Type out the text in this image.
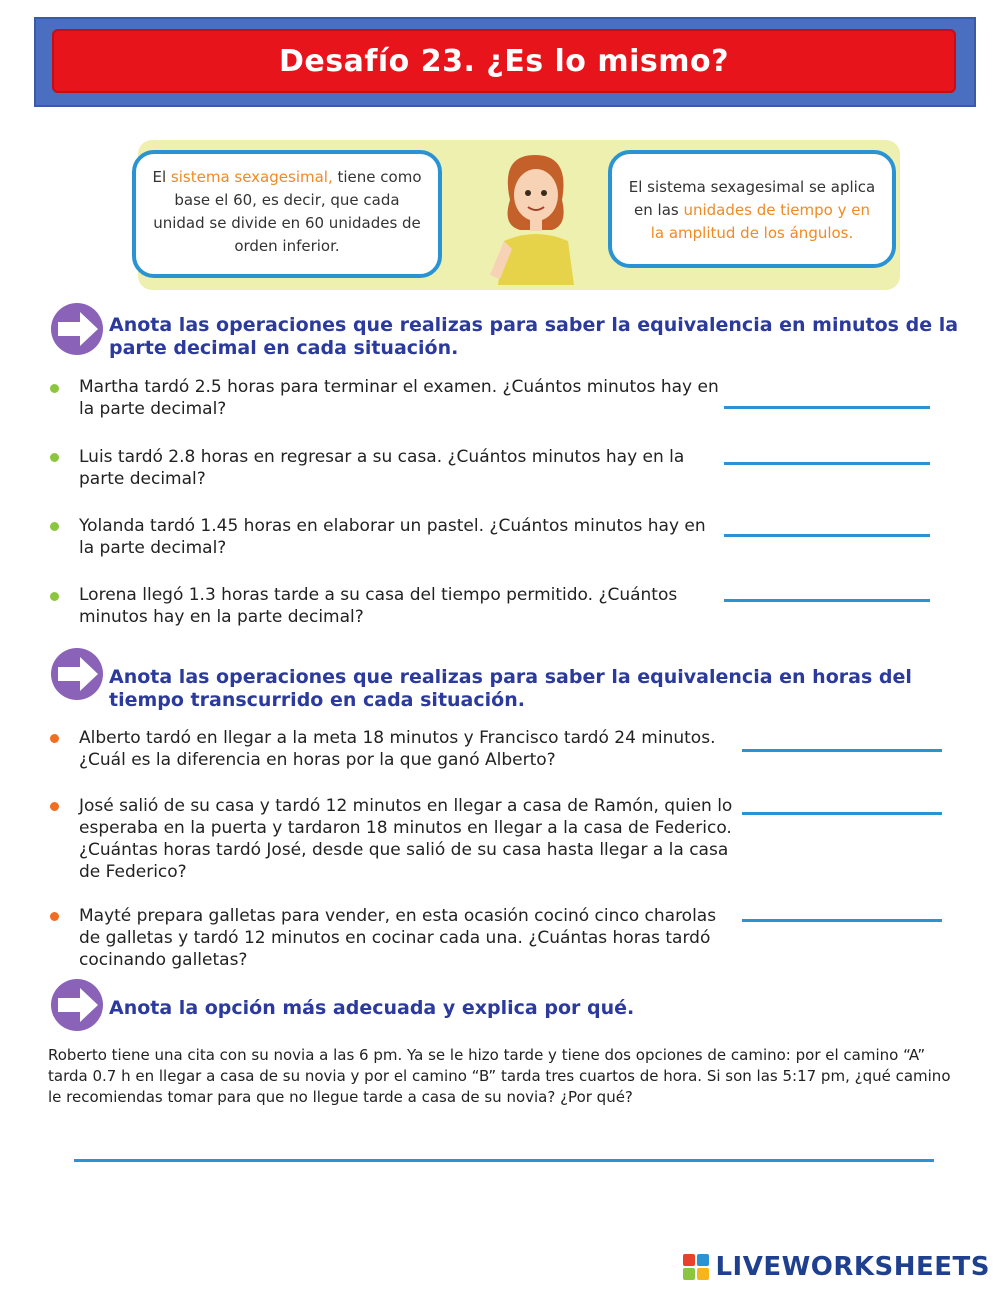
Desafío 23. ¿Es lo mismo?
El sistema sexagesimal, tiene como base el 60, es decir, que cada unidad se divide en 60 unidades de orden inferior.
El sistema sexagesimal se aplica en las unidades de tiempo y en la amplitud de los ángulos.
Anota las operaciones que realizas para saber la equivalencia en minutos de la parte decimal en cada situación.
Martha tardó 2.5 horas para terminar el examen. ¿Cuántos minutos hay en la parte decimal?
Luis tardó 2.8 horas en regresar a su casa. ¿Cuántos minutos hay en la parte decimal?
Yolanda tardó 1.45 horas en elaborar un pastel. ¿Cuántos minutos hay en la parte decimal?
Lorena llegó 1.3 horas tarde a su casa del tiempo permitido. ¿Cuántos minutos hay en la parte decimal?
Anota las operaciones que realizas para saber la equivalencia en horas del tiempo transcurrido en cada situación.
Alberto tardó en llegar a la meta 18 minutos y Francisco tardó 24 minutos. ¿Cuál es la diferencia en horas por la que ganó Alberto?
José salió de su casa y tardó 12 minutos en llegar a casa de Ramón, quien lo esperaba en la puerta y tardaron 18 minutos en llegar a la casa de Federico. ¿Cuántas horas tardó José, desde que salió de su casa hasta llegar a la casa de Federico?
Mayté prepara galletas para vender, en esta ocasión cocinó cinco charolas de galletas y tardó 12 minutos en cocinar cada una. ¿Cuántas horas tardó cocinando galletas?
Anota la opción más adecuada y explica por qué.
Roberto tiene una cita con su novia a las 6 pm. Ya se le hizo tarde y tiene dos opciones de camino: por el camino “A” tarda 0.7 h en llegar a casa de su novia y por el camino “B” tarda tres cuartos de hora. Si son las 5:17 pm, ¿qué camino le recomiendas tomar para que no llegue tarde a casa de su novia? ¿Por qué?
LIVEWORKSHEETS
